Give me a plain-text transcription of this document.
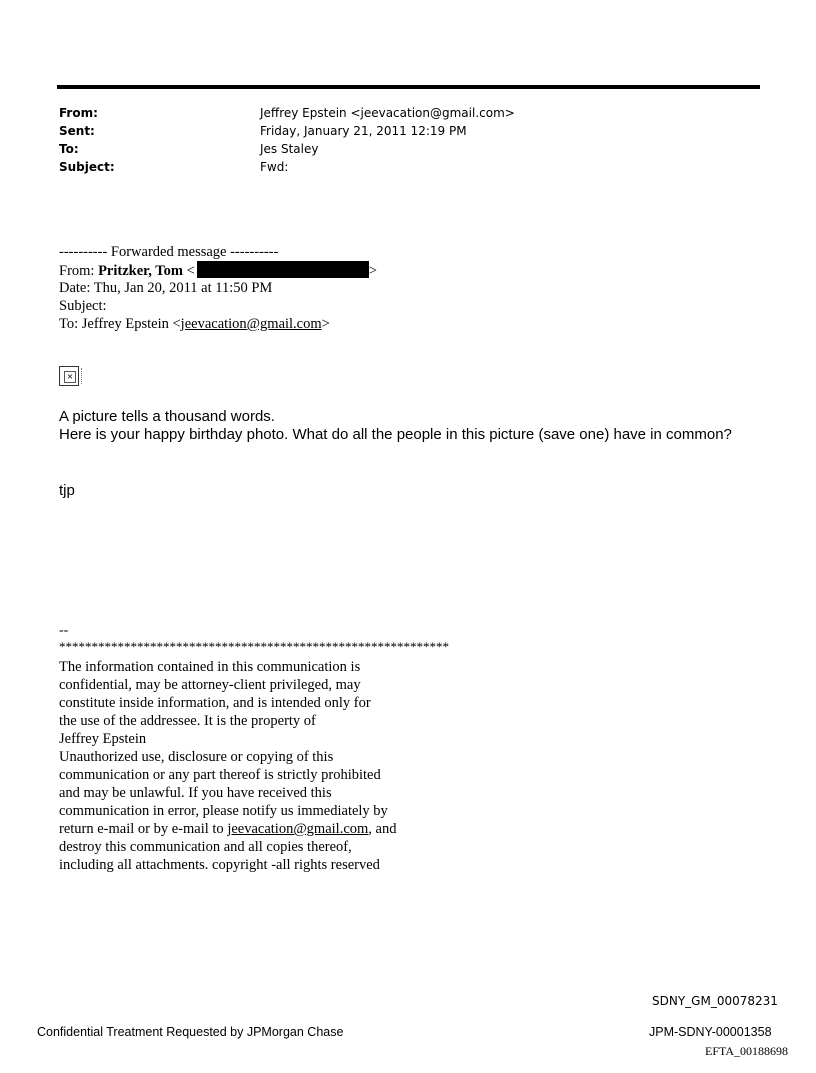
From:	Jeffrey Epstein <jeevacation@gmail.com>
Sent:	Friday, January 21, 2011 12:19 PM
To:	Jes Staley
Subject:	Fwd:
---------- Forwarded message ----------
From: Pritzker, Tom <	>
Date: Thu, Jan 20, 2011 at 11:50 PM
Subject:
To: Jeffrey Epstein <jeevacation@gmail.com>
×

A picture tells a thousand words.

Here is your happy birthday photo. What do all the people in this picture (save one) have in common?

tjp
--
************************************************************
The information contained in this communication is
confidential, may be attorney-client privileged, may
constitute inside information, and is intended only for
the use of the addressee. It is the property of
Jeffrey Epstein
Unauthorized use, disclosure or copying of this
communication or any part thereof is strictly prohibited
and may be unlawful. If you have received this
communication in error, please notify us immediately by
return e-mail or by e-mail to jeevacation@gmail.com, and
destroy this communication and all copies thereof,
including all attachments. copyright -all rights reserved
SDNY_GM_00078231
Confidential Treatment Requested by JPMorgan Chase	JPM-SDNY-00001358
EFTA_00188698
